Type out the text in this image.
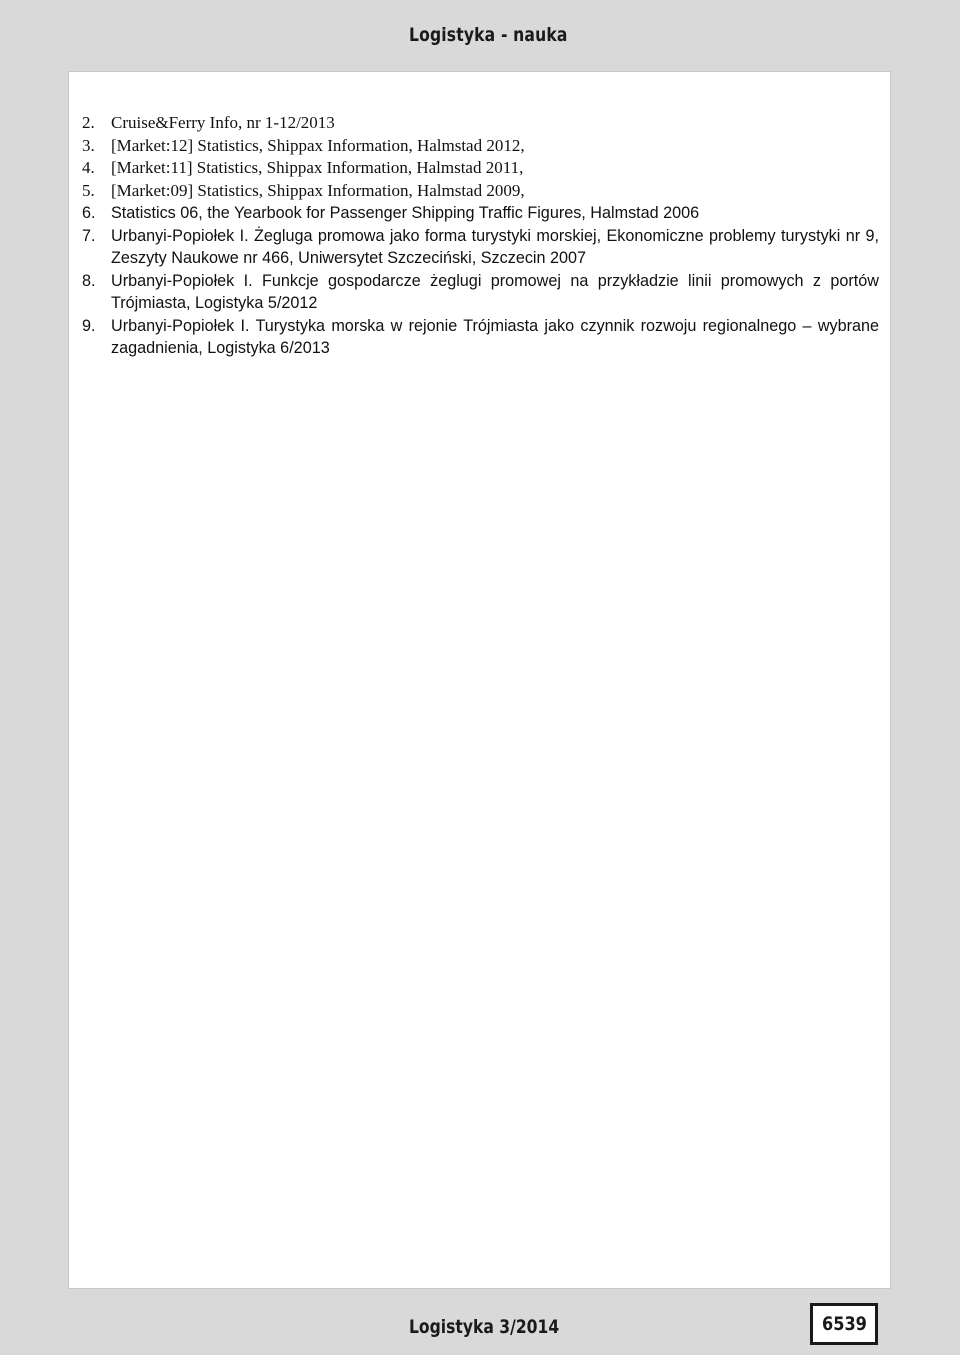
Logistyka - nauka
2. Cruise&Ferry Info, nr 1-12/2013
3. [Market:12] Statistics, Shippax Information, Halmstad 2012,
4. [Market:11] Statistics, Shippax Information, Halmstad 2011,
5. [Market:09] Statistics, Shippax Information, Halmstad 2009,
6. Statistics 06, the Yearbook for Passenger Shipping Traffic Figures, Halmstad 2006
7. Urbanyi-Popiołek I. Żegluga promowa jako forma turystyki morskiej, Ekonomiczne problemy turystyki nr 9, Zeszyty Naukowe nr 466, Uniwersytet Szczeciński, Szczecin 2007
8. Urbanyi-Popiołek I. Funkcje gospodarcze żeglugi promowej na przykładzie linii promowych z portów Trójmiasta, Logistyka 5/2012
9. Urbanyi-Popiołek I. Turystyka morska w rejonie Trójmiasta jako czynnik rozwoju regionalnego – wybrane zagadnienia, Logistyka 6/2013
Logistyka 3/2014	6539
